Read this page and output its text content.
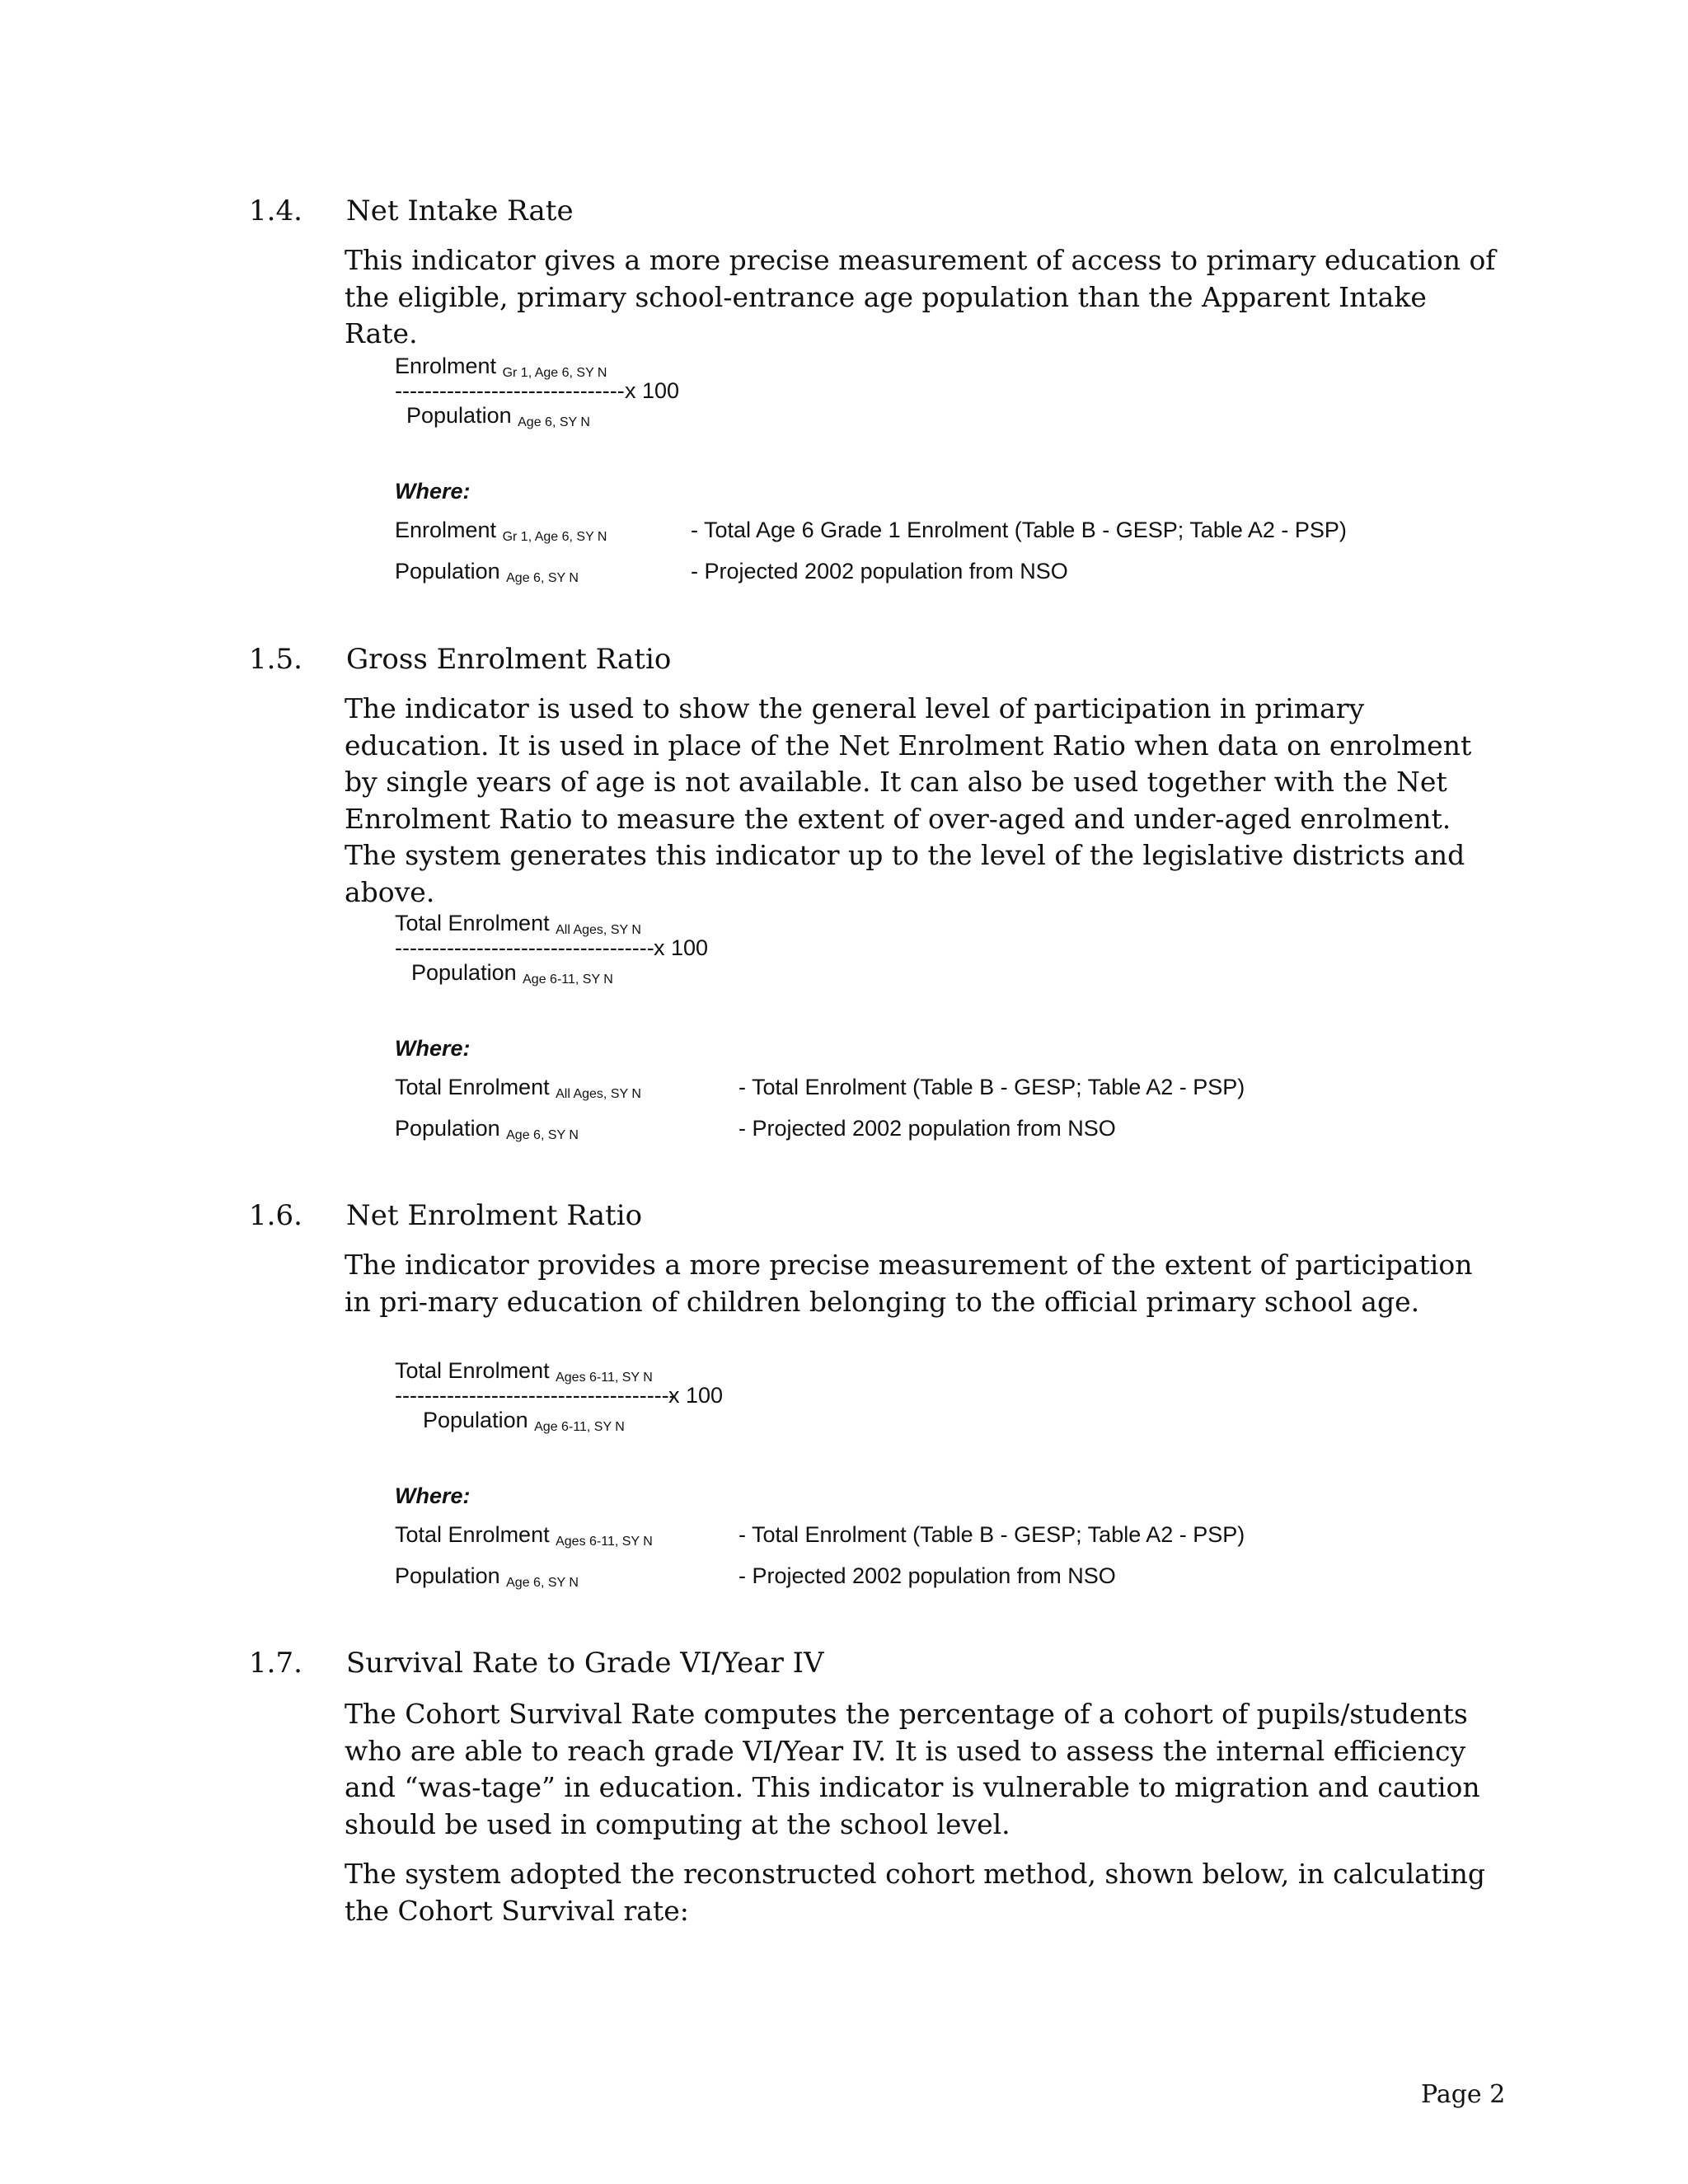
1.4. Net Intake Rate

This indicator gives a more precise measurement of access to primary education of the eligible, primary school-entrance age population than the Apparent Intake Rate.

Enrolment $_{Gr 1, Age 6, SY N}$
------------------------------- x 100
Population $_{Age 6, SY N}$
Where:
Enrolment $_{Gr 1, Age 6, SY N}$	- Total Age 6 Grade 1 Enrolment (Table B - GESP; Table A2 - PSP)
Population $_{Age 6, SY N}$	- Projected 2002 population from NSO
1.5. Gross Enrolment Ratio

The indicator is used to show the general level of participation in primary education. It is used in place of the Net Enrolment Ratio when data on enrolment by single years of age is not available. It can also be used together with the Net Enrolment Ratio to measure the extent of over-aged and under-aged enrolment. The system generates this indicator up to the level of the legislative districts and above.

Total Enrolment $_{All Ages, SY N}$
----------------------------------- x 100
Population $_{Age 6-11, SY N}$
Where:
Total Enrolment $_{All Ages, SY N}$	- Total Enrolment (Table B - GESP; Table A2 - PSP)
Population $_{Age 6, SY N}$	- Projected 2002 population from NSO
1.6. Net Enrolment Ratio

The indicator provides a more precise measurement of the extent of participation in pri-mary education of children belonging to the official primary school age.

Total Enrolment $_{Ages 6-11, SY N}$
--------------------------------------
x 100
Population $_{Age 6-11, SY N}$
Where:
Total Enrolment $_{Ages 6-11, SY N}$	- Total Enrolment (Table B - GESP; Table A2 - PSP)
Population $_{Age 6, SY N}$	- Projected 2002 population from NSO
1.7. Survival Rate to Grade VI/Year IV

The Cohort Survival Rate computes the percentage of a cohort of pupils/students who are able to reach grade VI/Year IV. It is used to assess the internal efficiency and “was-tage” in education. This indicator is vulnerable to migration and caution should be used in computing at the school level.

The system adopted the reconstructed cohort method, shown below, in calculating the Cohort Survival rate:

Page 2
